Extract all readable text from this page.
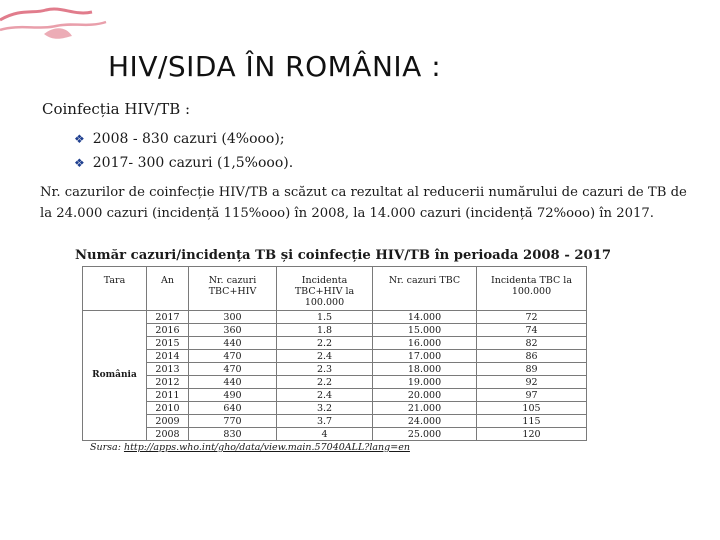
HIV/SIDA ÎN ROMÂNIA :
Coinfecția HIV/TB :
❖ 2008 - 830 cazuri (4%ooo);
❖ 2017- 300 cazuri (1,5%ooo).
Nr. cazurilor de coinfecție HIV/TB a scăzut ca rezultat al reducerii numărului de cazuri de TB de la 24.000 cazuri (incidență 115%ooo) în 2008, la 14.000 cazuri (incidență 72%ooo) în 2017.
Număr cazuri/incidența TB și coinfecție HIV/TB în perioada 2008 - 2017
Tara	An	Nr. cazuri TBC+HIV	Incidenta TBC+HIV la 100.000	Nr. cazuri TBC	Incidenta TBC la 100.000
România	2017	300	1.5	14.000	72
	2016	360	1.8	15.000	74
	2015	440	2.2	16.000	82
	2014	470	2.4	17.000	86
	2013	470	2.3	18.000	89
	2012	440	2.2	19.000	92
	2011	490	2.4	20.000	97
	2010	640	3.2	21.000	105
	2009	770	3.7	24.000	115
	2008	830	4	25.000	120
Sursa: http://apps.who.int/gho/data/view.main.57040ALL?lang=en
